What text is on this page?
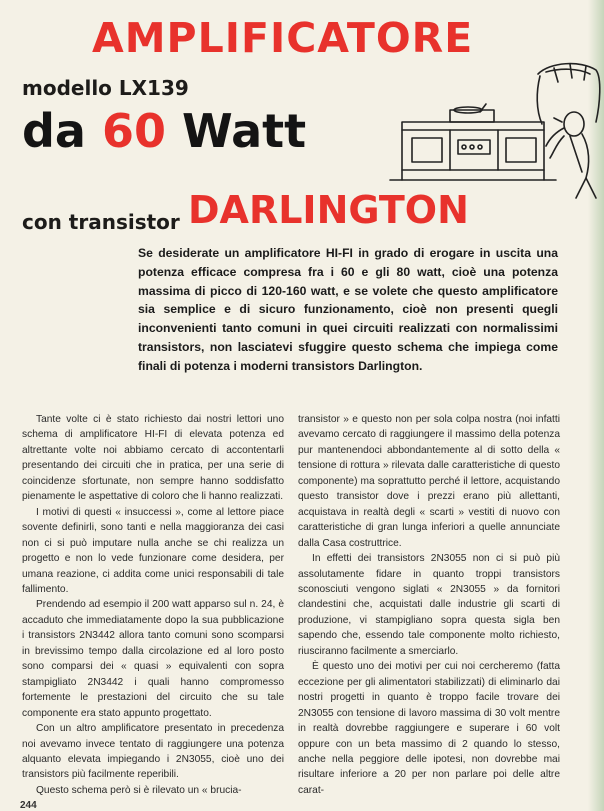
AMPLIFICATORE
modello LX139
da 60 Watt
con transistor DARLINGTON

Se desiderate un amplificatore HI-FI in grado di erogare in uscita una potenza efficace compresa fra i 60 e gli 80 watt, cioè una potenza massima di picco di 120-160 watt, e se volete che questo amplificatore sia semplice e di sicuro funzionamento, cioè non presenti quegli inconvenienti tanto comuni in quei circuiti realizzati con normalissimi transistors, non lasciatevi sfuggire questo schema che impiega come finali di potenza i moderni transistors Darlington.

Tante volte ci è stato richiesto dai nostri lettori uno schema di amplificatore HI-FI di elevata potenza ed altrettante volte noi abbiamo cercato di accontentarli presentando dei circuiti che in pratica, per una serie di coincidenze sfortunate, non sempre hanno soddisfatto pienamente le aspettative di coloro che li hanno realizzati.

I motivi di questi « insuccessi », come al lettore piace sovente definirli, sono tanti e nella maggioranza dei casi non ci si può imputare nulla anche se chi realizza un progetto e non lo vede funzionare come desidera, per umana reazione, ci addita come unici responsabili di tale fallimento.

Prendendo ad esempio il 200 watt apparso sul n. 24, è accaduto che immediatamente dopo la sua pubblicazione i transistors 2N3442 allora tanto comuni sono scomparsi in brevissimo tempo dalla circolazione ed al loro posto sono comparsi dei « quasi » equivalenti con sopra stampigliato 2N3442 i quali hanno compromesso fortemente le prestazioni del circuito che su tale componente era stato appunto progettato.

Con un altro amplificatore presentato in precedenza noi avevamo invece tentato di raggiungere una potenza alquanto elevata impiegando i 2N3055, cioè uno dei transistors più facilmente reperibili.

Questo schema però si è rilevato un « brucia-

transistor » e questo non per sola colpa nostra (noi infatti avevamo cercato di raggiungere il massimo della potenza pur mantenendoci abbondantemente al di sotto della « tensione di rottura » rilevata dalle caratteristiche di questo componente) ma soprattutto perché il lettore, acquistando questo transistor dove i prezzi erano più allettanti, acquistava in realtà degli « scarti » vestiti di nuovo con caratteristiche di gran lunga inferiori a quelle annunciate dalla Casa costruttrice.

In effetti dei transistors 2N3055 non ci si può più assolutamente fidare in quanto troppi transistors sconosciuti vengono siglati « 2N3055 » da fornitori clandestini che, acquistati dalle industrie gli scarti di produzione, vi stampigliano sopra questa sigla ben sapendo che, essendo tale componente molto richiesto, riusciranno facilmente a smerciarlo.

È questo uno dei motivi per cui noi cercheremo (fatta eccezione per gli alimentatori stabilizzati) di eliminarlo dai nostri progetti in quanto è troppo facile trovare dei 2N3055 con tensione di lavoro massima di 30 volt mentre in realtà dovrebbe raggiungere e superare i 60 volt oppure con un beta massimo di 2 quando lo stesso, anche nella peggiore delle ipotesi, non dovrebbe mai risultare inferiore a 20 per non parlare poi delle altre carat-

244
